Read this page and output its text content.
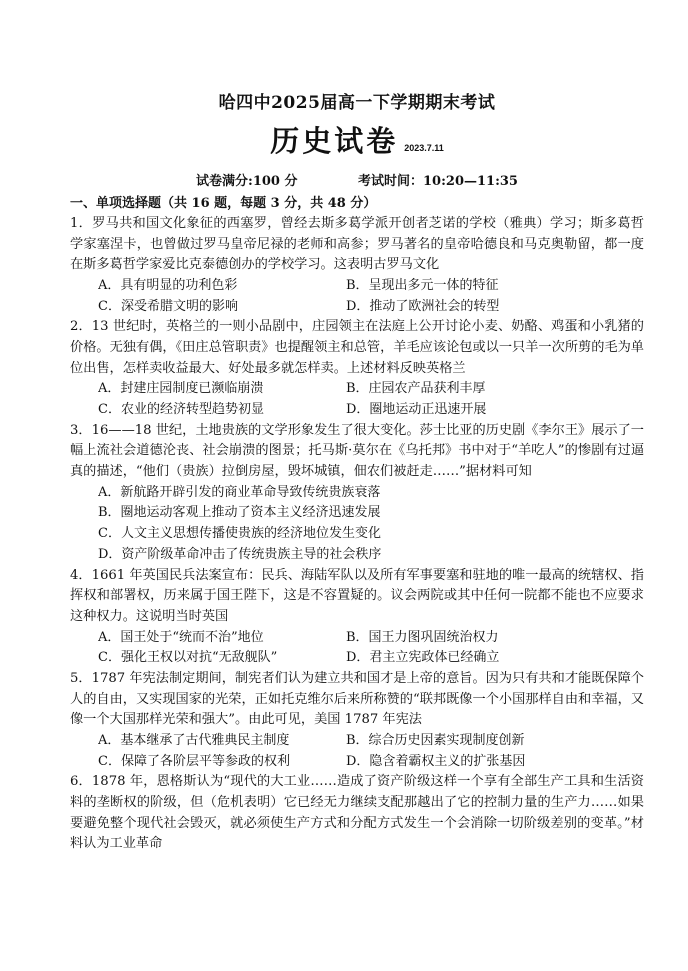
哈四中2025届高一下学期期末考试
历史试卷 2023.7.11
试卷满分:100 分	考试时间：10:20—11:35
一、单项选择题（共 16 题，每题 3 分，共 48 分）

1．罗马共和国文化象征的西塞罗，曾经去斯多葛学派开创者芝诺的学校（雅典）学习；斯多葛哲学家塞涅卡，也曾做过罗马皇帝尼禄的老师和高参；罗马著名的皇帝哈德良和马克奥勒留，都一度在斯多葛哲学家爱比克泰德创办的学校学习。这表明古罗马文化

A．具有明显的功利色彩	B．呈现出多元一体的特征
C．深受希腊文明的影响	D．推动了欧洲社会的转型

2．13 世纪时，英格兰的一则小品剧中，庄园领主在法庭上公开讨论小麦、奶酪、鸡蛋和小乳猪的价格。无独有偶，《田庄总管职责》也提醒领主和总管，羊毛应该论包或以一只羊一次所剪的毛为单位出售，怎样卖收益最大、好处最多就怎样卖。上述材料反映英格兰

A．封建庄园制度已濒临崩溃	B．庄园农产品获利丰厚
C．农业的经济转型趋势初显	D．圈地运动正迅速开展

3．16——18 世纪，土地贵族的文学形象发生了很大变化。莎士比亚的历史剧《李尔王》展示了一幅上流社会道德沦丧、社会崩溃的图景；托马斯·莫尔在《乌托邦》书中对于“羊吃人”的惨剧有过逼真的描述，“他们（贵族）拉倒房屋，毁坏城镇，佃农们被赶走……”据材料可知

A．新航路开辟引发的商业革命导致传统贵族衰落
B．圈地运动客观上推动了资本主义经济迅速发展
C．人文主义思想传播使贵族的经济地位发生变化
D．资产阶级革命冲击了传统贵族主导的社会秩序

4．1661 年英国民兵法案宣布：民兵、海陆军队以及所有军事要塞和驻地的唯一最高的统辖权、指挥权和部署权，历来属于国王陛下，这是不容置疑的。议会两院或其中任何一院都不能也不应要求这种权力。这说明当时英国

A．国王处于“统而不治”地位	B．国王力图巩固统治权力
C．强化王权以对抗“无敌舰队”	D．君主立宪政体已经确立

5．1787 年宪法制定期间，制宪者们认为建立共和国才是上帝的意旨。因为只有共和才能既保障个人的自由，又实现国家的光荣，正如托克维尔后来所称赞的“联邦既像一个小国那样自由和幸福，又像一个大国那样光荣和强大”。由此可见，美国 1787 年宪法

A．基本继承了古代雅典民主制度	B．综合历史因素实现制度创新
C．保障了各阶层平等参政的权利	D．隐含着霸权主义的扩张基因

6．1878 年，恩格斯认为“现代的大工业……造成了资产阶级这样一个享有全部生产工具和生活资料的垄断权的阶级，但（危机表明）它已经无力继续支配那越出了它的控制力量的生产力……如果要避免整个现代社会毁灭，就必须使生产方式和分配方式发生一个会消除一切阶级差别的变革。”材料认为工业革命
